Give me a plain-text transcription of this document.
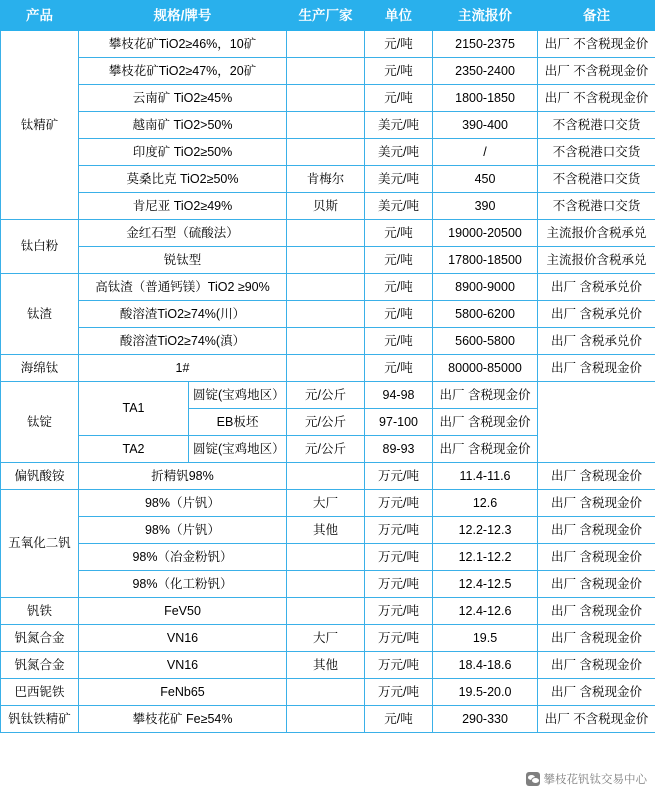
产品	规格/牌号		生产厂家	单位	主流报价	备注
钛精矿	攀枝花矿TiO2≥46%，10矿			元/吨	2150-2375	出厂 不含税现金价
	攀枝花矿TiO2≥47%，20矿			元/吨	2350-2400	出厂 不含税现金价
	云南矿 TiO2≥45%			元/吨	1800-1850	出厂 不含税现金价
	越南矿 TiO2>50%			美元/吨	390-400	不含税港口交货
	印度矿 TiO2≥50%			美元/吨	/	不含税港口交货
	莫桑比克 TiO2≥50%		肯梅尔	美元/吨	450	不含税港口交货
	肯尼亚 TiO2≥49%		贝斯	美元/吨	390	不含税港口交货
钛白粉	金红石型（硫酸法）			元/吨	19000-20500	主流报价含税承兑
	锐钛型			元/吨	17800-18500	主流报价含税承兑
钛渣	高钛渣（普通钙镁）TiO2 ≥90%			元/吨	8900-9000	出厂 含税承兑价
	酸溶渣TiO2≥74%(川）			元/吨	5800-6200	出厂 含税承兑价
	酸溶渣TiO2≥74%(滇）			元/吨	5600-5800	出厂 含税承兑价
海绵钛	1#			元/吨	80000-85000	出厂 含税现金价
钛锭	TA1	圆锭(宝鸡地区）	元/公斤	94-98	出厂 含税现金价	
		EB板坯	元/公斤	97-100	出厂 含税现金价	
	TA2	圆锭(宝鸡地区）	元/公斤	89-93	出厂 含税现金价	
偏钒酸铵	折精钒98%			万元/吨	11.4-11.6	出厂 含税现金价
五氧化二钒	98%（片钒）		大厂	万元/吨	12.6	出厂 含税现金价
	98%（片钒）		其他	万元/吨	12.2-12.3	出厂 含税现金价
	98%（冶金粉钒）			万元/吨	12.1-12.2	出厂 含税现金价
	98%（化工粉钒）			万元/吨	12.4-12.5	出厂 含税现金价
钒铁	FeV50			万元/吨	12.4-12.6	出厂 含税现金价
钒氮合金	VN16		大厂	万元/吨	19.5	出厂 含税现金价
钒氮合金	VN16		其他	万元/吨	18.4-18.6	出厂 含税现金价
巴西铌铁	FeNb65			万元/吨	19.5-20.0	出厂 含税现金价
钒钛铁精矿	攀枝花矿 Fe≥54%			元/吨	290-330	出厂 不含税现金价
攀枝花钒钛交易中心
